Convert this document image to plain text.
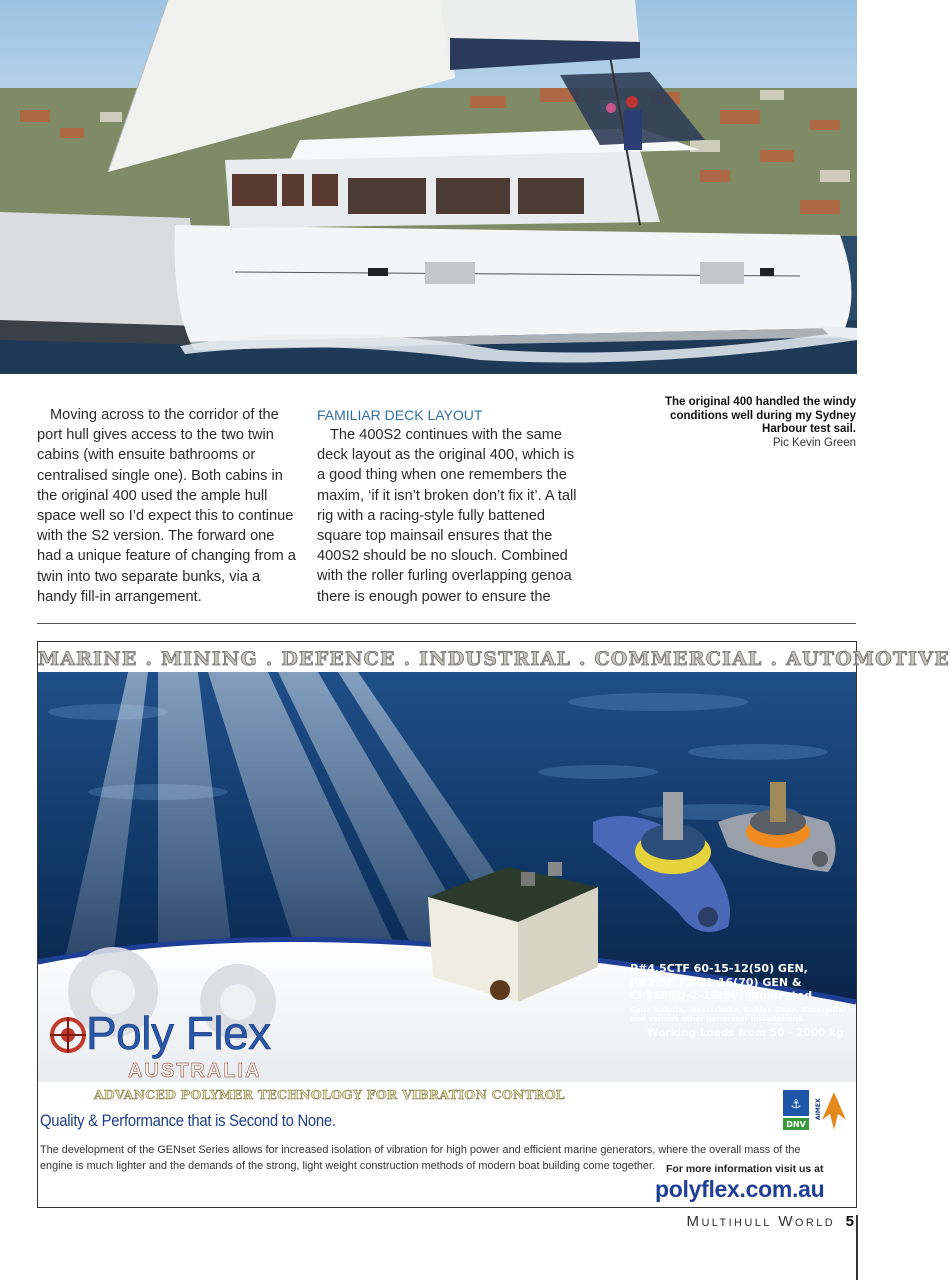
Moving across to the corridor of the port hull gives access to the two twin cabins (with ensuite bathrooms or centralised single one). Both cabins in the original 400 used the ample hull space well so I’d expect this to continue with the S2 version. The forward one had a unique feature of changing from a twin into two separate bunks, via a handy fill-in arrangement.

FAMILIAR DECK LAYOUT

The 400S2 continues with the same deck layout as the original 400, which is a good thing when one remembers the maxim, ‘if it isn’t broken don’t fix it’. A tall rig with a racing-style fully battened square top mainsail ensures that the 400S2 should be no slouch. Combined with the roller furling overlapping genoa there is enough power to ensure the

The original 400 handled the windy conditions well during my Sydney Harbour test sail.
Pic Kevin Green
MARINE . MINING . DEFENCE . INDUSTRIAL . COMMERCIAL . AUTOMOTIVE
P#4.5CTF 60-15-12(50) GEN,
P#7.5F 73-11-16(70) GEN &
Ci 165SQ-2-16(80) Illustrated
Suits Kubota, Westerbeke, Kohler, Onan, Caterpillar and various other generator installations.
Working Loads from 50 - 2000 kg
Poly Flex
AUSTRALIA
ADVANCED POLYMER TECHNOLOGY FOR VIBRATION CONTROL
⚓
DNV
AIMEX
Quality & Performance that is Second to None.
The development of the GENset Series allows for increased isolation of vibration for high power and efficient marine generators, where the overall mass of the engine is much lighter and the demands of the strong, light weight construction methods of modern boat building come together.	For more information visit us at
polyflex.com.au
Multihull World 5
